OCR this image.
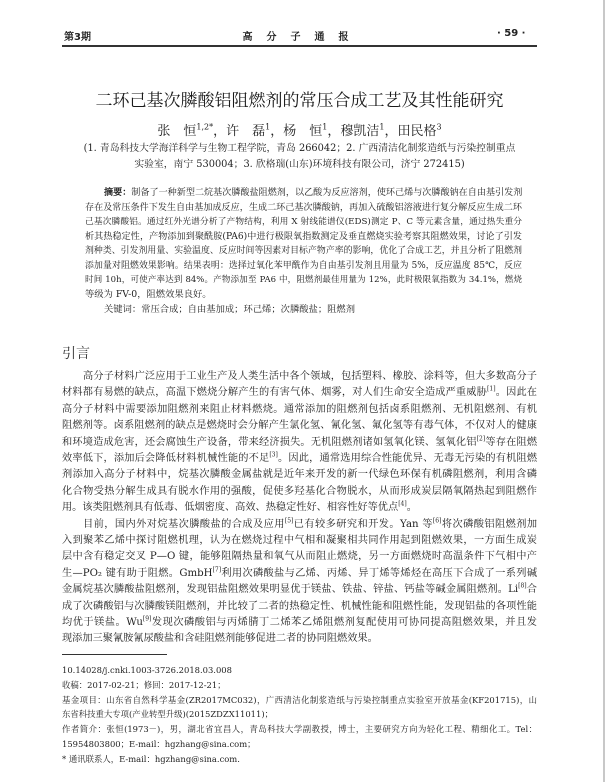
第3期	高分子通报	· 59 ·
二环己基次膦酸铝阻燃剂的常压合成工艺及其性能研究
张　恒$^{1,2*}$，许　磊$^1$，杨　恒$^1$，穆凯洁$^1$，田民格$^3$
(1. 青岛科技大学海洋科学与生物工程学院，青岛 266042；2. 广西清洁化制浆造纸与污染控制重点
实验室，南宁 530004；3. 欣格瑞(山东)环境科技有限公司，济宁 272415)
摘要：制备了一种新型二烷基次膦酸盐阻燃剂，以乙酸为反应溶剂，使环己烯与次膦酸钠在自由基引发剂
存在及常压条件下发生自由基加成反应，生成二环己基次膦酸钠，再加入硫酸铝溶液进行复分解反应生成二环
己基次膦酸铝。通过红外光谱分析了产物结构，利用 X 射线能谱仪(EDS)测定 P、C 等元素含量，通过热失重分
析其热稳定性，产物添加到聚酰胺(PA6)中进行极限氧指数测定及垂直燃烧实验考察其阻燃效果，讨论了引发
剂种类、引发剂用量、实验温度、反应时间等因素对目标产物产率的影响，优化了合成工艺，并且分析了阻燃剂
添加量对阻燃效果影响。结果表明：选择过氧化苯甲酰作为自由基引发剂且用量为 5%，反应温度 85℃，反应
时间 10h，可使产率达到 84%。产物添加至 PA6 中，阻燃剂最佳用量为 12%，此时极限氧指数为 34.1%，燃烧
等级为 FV-0，阻燃效果良好。
关键词：常压合成；自由基加成；环己烯；次膦酸盐；阻燃剂
引言
高分子材料广泛应用于工业生产及人类生活中各个领域，包括塑料、橡胶、涂料等，但大多数高分子
材料都有易燃的缺点，高温下燃烧分解产生的有害气体、烟雾，对人们生命安全造成严重威胁[1]。因此在
高分子材料中需要添加阻燃剂来阻止材料燃烧。通常添加的阻燃剂包括卤系阻燃剂、无机阻燃剂、有机
阻燃剂等。卤系阻燃剂的缺点是燃烧时会分解产生氯化氢、氰化氢、氟化氢等有毒气体，不仅对人的健康
和环境造成危害，还会腐蚀生产设备，带来经济损失。无机阻燃剂诸如氢氧化镁、氢氧化铝[2]等存在阻燃
效率低下，添加后会降低材料机械性能的不足[3]。因此，通常选用综合性能优异、无毒无污染的有机阻燃
剂添加入高分子材料中，烷基次膦酸金属盐就是近年来开发的新一代绿色环保有机磷阻燃剂，利用含磷
化合物受热分解生成具有脱水作用的强酸，促使多羟基化合物脱水，从而形成炭层隔氧隔热起到阻燃作
用。该类阻燃剂具有低毒、低烟密度、高效、热稳定性好、相容性好等优点[4]。
目前，国内外对烷基次膦酸盐的合成及应用[5]已有较多研究和开发。Yan 等[6]将次磷酸铝阻燃剂加
入到聚苯乙烯中探讨阻燃机理，认为在燃烧过程中气相和凝聚相共同作用起到阻燃效果，一方面生成炭
层中含有稳定交叉 P—O 键，能够阻隔热量和氧气从而阻止燃烧，另一方面燃烧时高温条件下气相中产
生—PO₂ 键有助于阻燃。GmbH[7]利用次磷酸盐与乙烯、丙烯、异丁烯等烯烃在高压下合成了一系列碱
金属烷基次膦酸盐阻燃剂，发现铝盐阻燃效果明显优于镁盐、铁盐、锌盐、钙盐等碱金属阻燃剂。Li[8]合
成了次磷酸铝与次膦酸镁阻燃剂，并比较了二者的热稳定性、机械性能和阻燃性能，发现铝盐的各项性能
均优于镁盐。Wu[9]发现次磷酸铝与丙烯腈丁二烯苯乙烯阻燃剂复配使用可协同提高阻燃效果，并且发
现添加三聚氰胺氰尿酸盐和含硅阻燃剂能够促进二者的协同阻燃效果。
10.14028/j.cnki.1003-3726.2018.03.008
收稿：2017-02-21；修回：2017-12-21；
基金项目：山东省自然科学基金(ZR2017MC032)，广西清洁化制浆造纸与污染控制重点实验室开放基金(KF201715)，山
东省科技重大专项(产业转型升级)(2015ZDZX11011)；
作者简介：张恒(1973－)，男，湖北省宜昌人，青岛科技大学副教授，博士，主要研究方向为轻化工程、精细化工。Tel：
15954803800；E-mail：hgzhang@sina.com；
* 通讯联系人，E-mail：hgzhang@sina.com.
